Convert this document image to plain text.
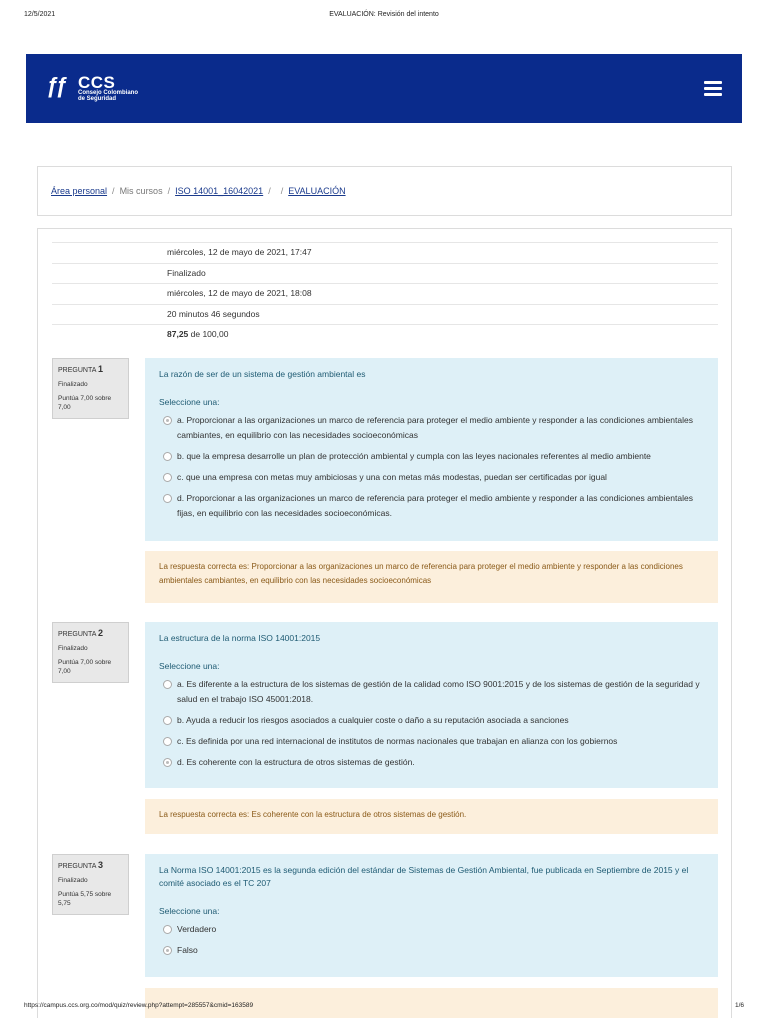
12/5/2021	EVALUACIÓN: Revisión del intento
ƒƒ CCS
Consejo Colombiano
de Seguridad
Área personal / Mis cursos / ISO 14001_16042021 / / EVALUACIÓN
miércoles, 12 de mayo de 2021, 17:47
Finalizado
miércoles, 12 de mayo de 2021, 18:08
20 minutos 46 segundos
87,25 de 100,00
PREGUNTA 1
Finalizado
Puntúa 7,00 sobre 7,00
La razón de ser de un sistema de gestión ambiental es
Seleccione una:
a. Proporcionar a las organizaciones un marco de referencia para proteger el medio ambiente y responder a las condiciones ambientales cambiantes, en equilibrio con las necesidades socioeconómicas
b. que la empresa desarrolle un plan de protección ambiental y cumpla con las leyes nacionales referentes al medio ambiente
c. que una empresa con metas muy ambiciosas y una con metas más modestas, puedan ser certificadas por igual
d. Proporcionar a las organizaciones un marco de referencia para proteger el medio ambiente y responder a las condiciones ambientales fijas, en equilibrio con las necesidades socioeconómicas.
La respuesta correcta es: Proporcionar a las organizaciones un marco de referencia para proteger el medio ambiente y responder a las condiciones ambientales cambiantes, en equilibrio con las necesidades socioeconómicas
PREGUNTA 2
Finalizado
Puntúa 7,00 sobre 7,00
La estructura de la norma ISO 14001:2015
Seleccione una:
a. Es diferente a la estructura de los sistemas de gestión de la calidad como ISO 9001:2015 y de los sistemas de gestión de la seguridad y salud en el trabajo ISO 45001:2018.
b. Ayuda a reducir los riesgos asociados a cualquier coste o daño a su reputación asociada a sanciones
c. Es definida por una red internacional de institutos de normas nacionales que trabajan en alianza con los gobiernos
d. Es coherente con la estructura de otros sistemas de gestión.
La respuesta correcta es: Es coherente con la estructura de otros sistemas de gestión.
PREGUNTA 3
Finalizado
Puntúa 5,75 sobre 5,75
La Norma ISO 14001:2015 es la segunda edición del estándar de Sistemas de Gestión Ambiental, fue publicada en Septiembre de 2015 y el comité asociado es el TC 207
Seleccione una:
Verdadero
Falso
https://campus.ccs.org.co/mod/quiz/review.php?attempt=285557&cmid=163589	1/6
